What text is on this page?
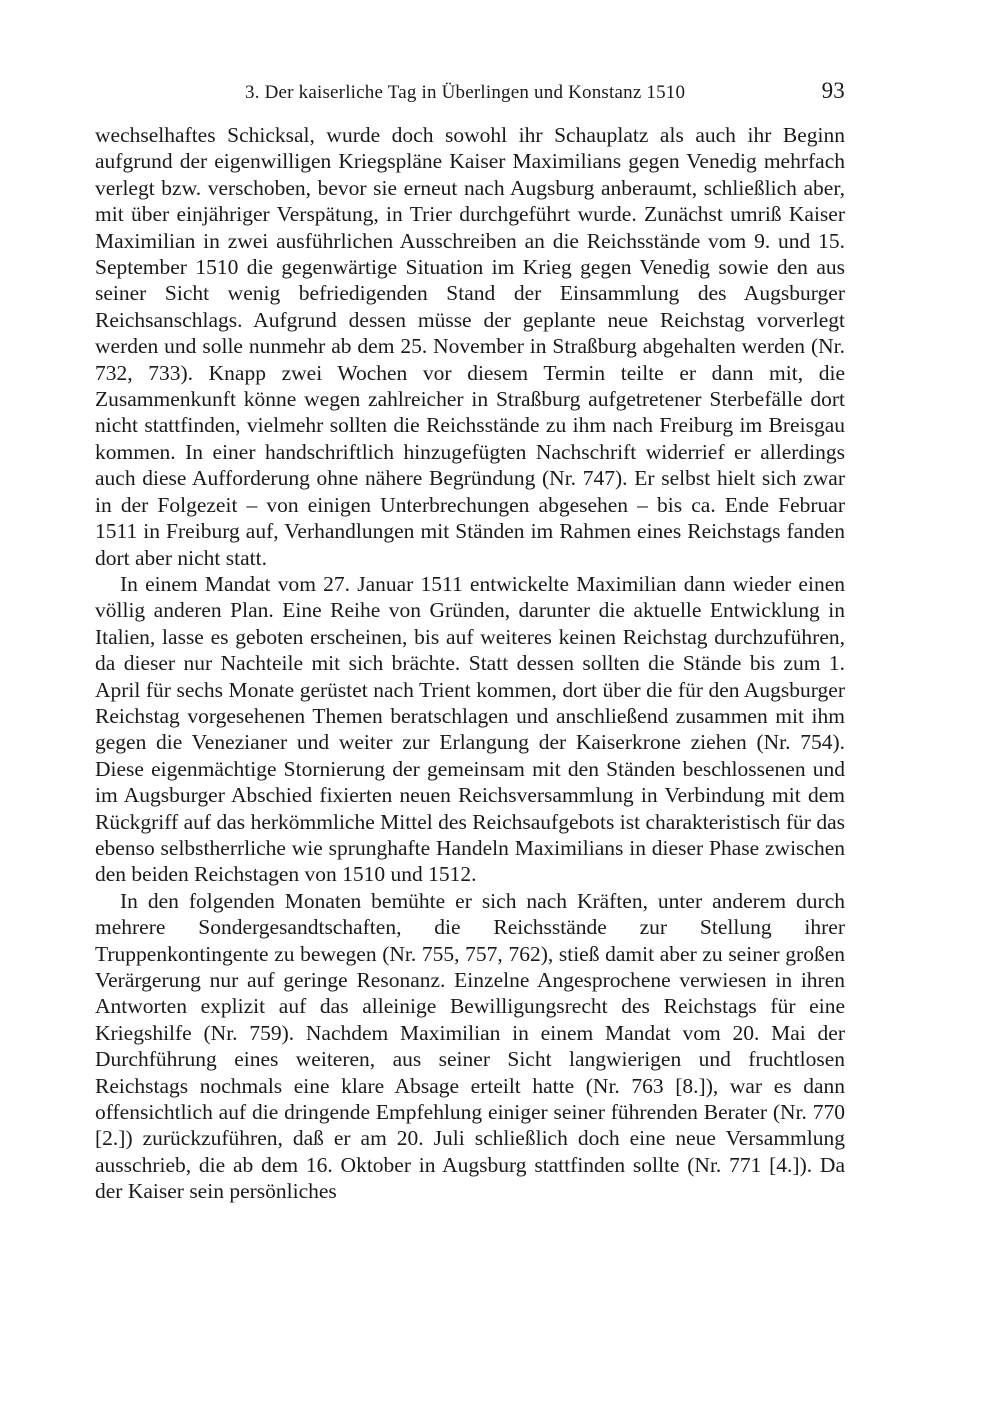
3. Der kaiserliche Tag in Überlingen und Konstanz 1510	93

wechselhaftes Schicksal, wurde doch sowohl ihr Schauplatz als auch ihr Beginn aufgrund der eigenwilligen Kriegspläne Kaiser Maximilians gegen Venedig mehrfach verlegt bzw. verschoben, bevor sie erneut nach Augsburg anberaumt, schließlich aber, mit über einjähriger Verspätung, in Trier durchgeführt wurde. Zunächst umriß Kaiser Maximilian in zwei ausführlichen Ausschreiben an die Reichsstände vom 9. und 15. September 1510 die gegenwärtige Situation im Krieg gegen Venedig sowie den aus seiner Sicht wenig befriedigenden Stand der Einsammlung des Augsburger Reichsanschlags. Aufgrund dessen müsse der geplante neue Reichstag vorverlegt werden und solle nunmehr ab dem 25. November in Straßburg abgehalten werden (Nr. 732, 733). Knapp zwei Wochen vor diesem Termin teilte er dann mit, die Zusammenkunft könne wegen zahlreicher in Straßburg aufgetretener Sterbefälle dort nicht stattfinden, vielmehr sollten die Reichsstände zu ihm nach Freiburg im Breisgau kommen. In einer handschriftlich hinzugefügten Nachschrift widerrief er allerdings auch diese Aufforderung ohne nähere Begründung (Nr. 747). Er selbst hielt sich zwar in der Folgezeit – von einigen Unterbrechungen abgesehen – bis ca. Ende Februar 1511 in Freiburg auf, Verhandlungen mit Ständen im Rahmen eines Reichstags fanden dort aber nicht statt.

In einem Mandat vom 27. Januar 1511 entwickelte Maximilian dann wieder einen völlig anderen Plan. Eine Reihe von Gründen, darunter die aktuelle Entwicklung in Italien, lasse es geboten erscheinen, bis auf weiteres keinen Reichstag durchzuführen, da dieser nur Nachteile mit sich brächte. Statt dessen sollten die Stände bis zum 1. April für sechs Monate gerüstet nach Trient kommen, dort über die für den Augsburger Reichstag vorgesehenen Themen beratschlagen und anschließend zusammen mit ihm gegen die Venezianer und weiter zur Erlangung der Kaiserkrone ziehen (Nr. 754). Diese eigenmächtige Stornierung der gemeinsam mit den Ständen beschlossenen und im Augsburger Abschied fixierten neuen Reichsversammlung in Verbindung mit dem Rückgriff auf das herkömmliche Mittel des Reichsaufgebots ist charakteristisch für das ebenso selbstherrliche wie sprunghafte Handeln Maximilians in dieser Phase zwischen den beiden Reichstagen von 1510 und 1512.

In den folgenden Monaten bemühte er sich nach Kräften, unter anderem durch mehrere Sondergesandtschaften, die Reichsstände zur Stellung ihrer Truppenkontingente zu bewegen (Nr. 755, 757, 762), stieß damit aber zu seiner großen Verärgerung nur auf geringe Resonanz. Einzelne Angesprochene verwiesen in ihren Antworten explizit auf das alleinige Bewilligungsrecht des Reichstags für eine Kriegshilfe (Nr. 759). Nachdem Maximilian in einem Mandat vom 20. Mai der Durchführung eines weiteren, aus seiner Sicht langwierigen und fruchtlosen Reichstags nochmals eine klare Absage erteilt hatte (Nr. 763 [8.]), war es dann offensichtlich auf die dringende Empfehlung einiger seiner führenden Berater (Nr. 770 [2.]) zurückzuführen, daß er am 20. Juli schließlich doch eine neue Versammlung ausschrieb, die ab dem 16. Oktober in Augsburg stattfinden sollte (Nr. 771 [4.]). Da der Kaiser sein persönliches
